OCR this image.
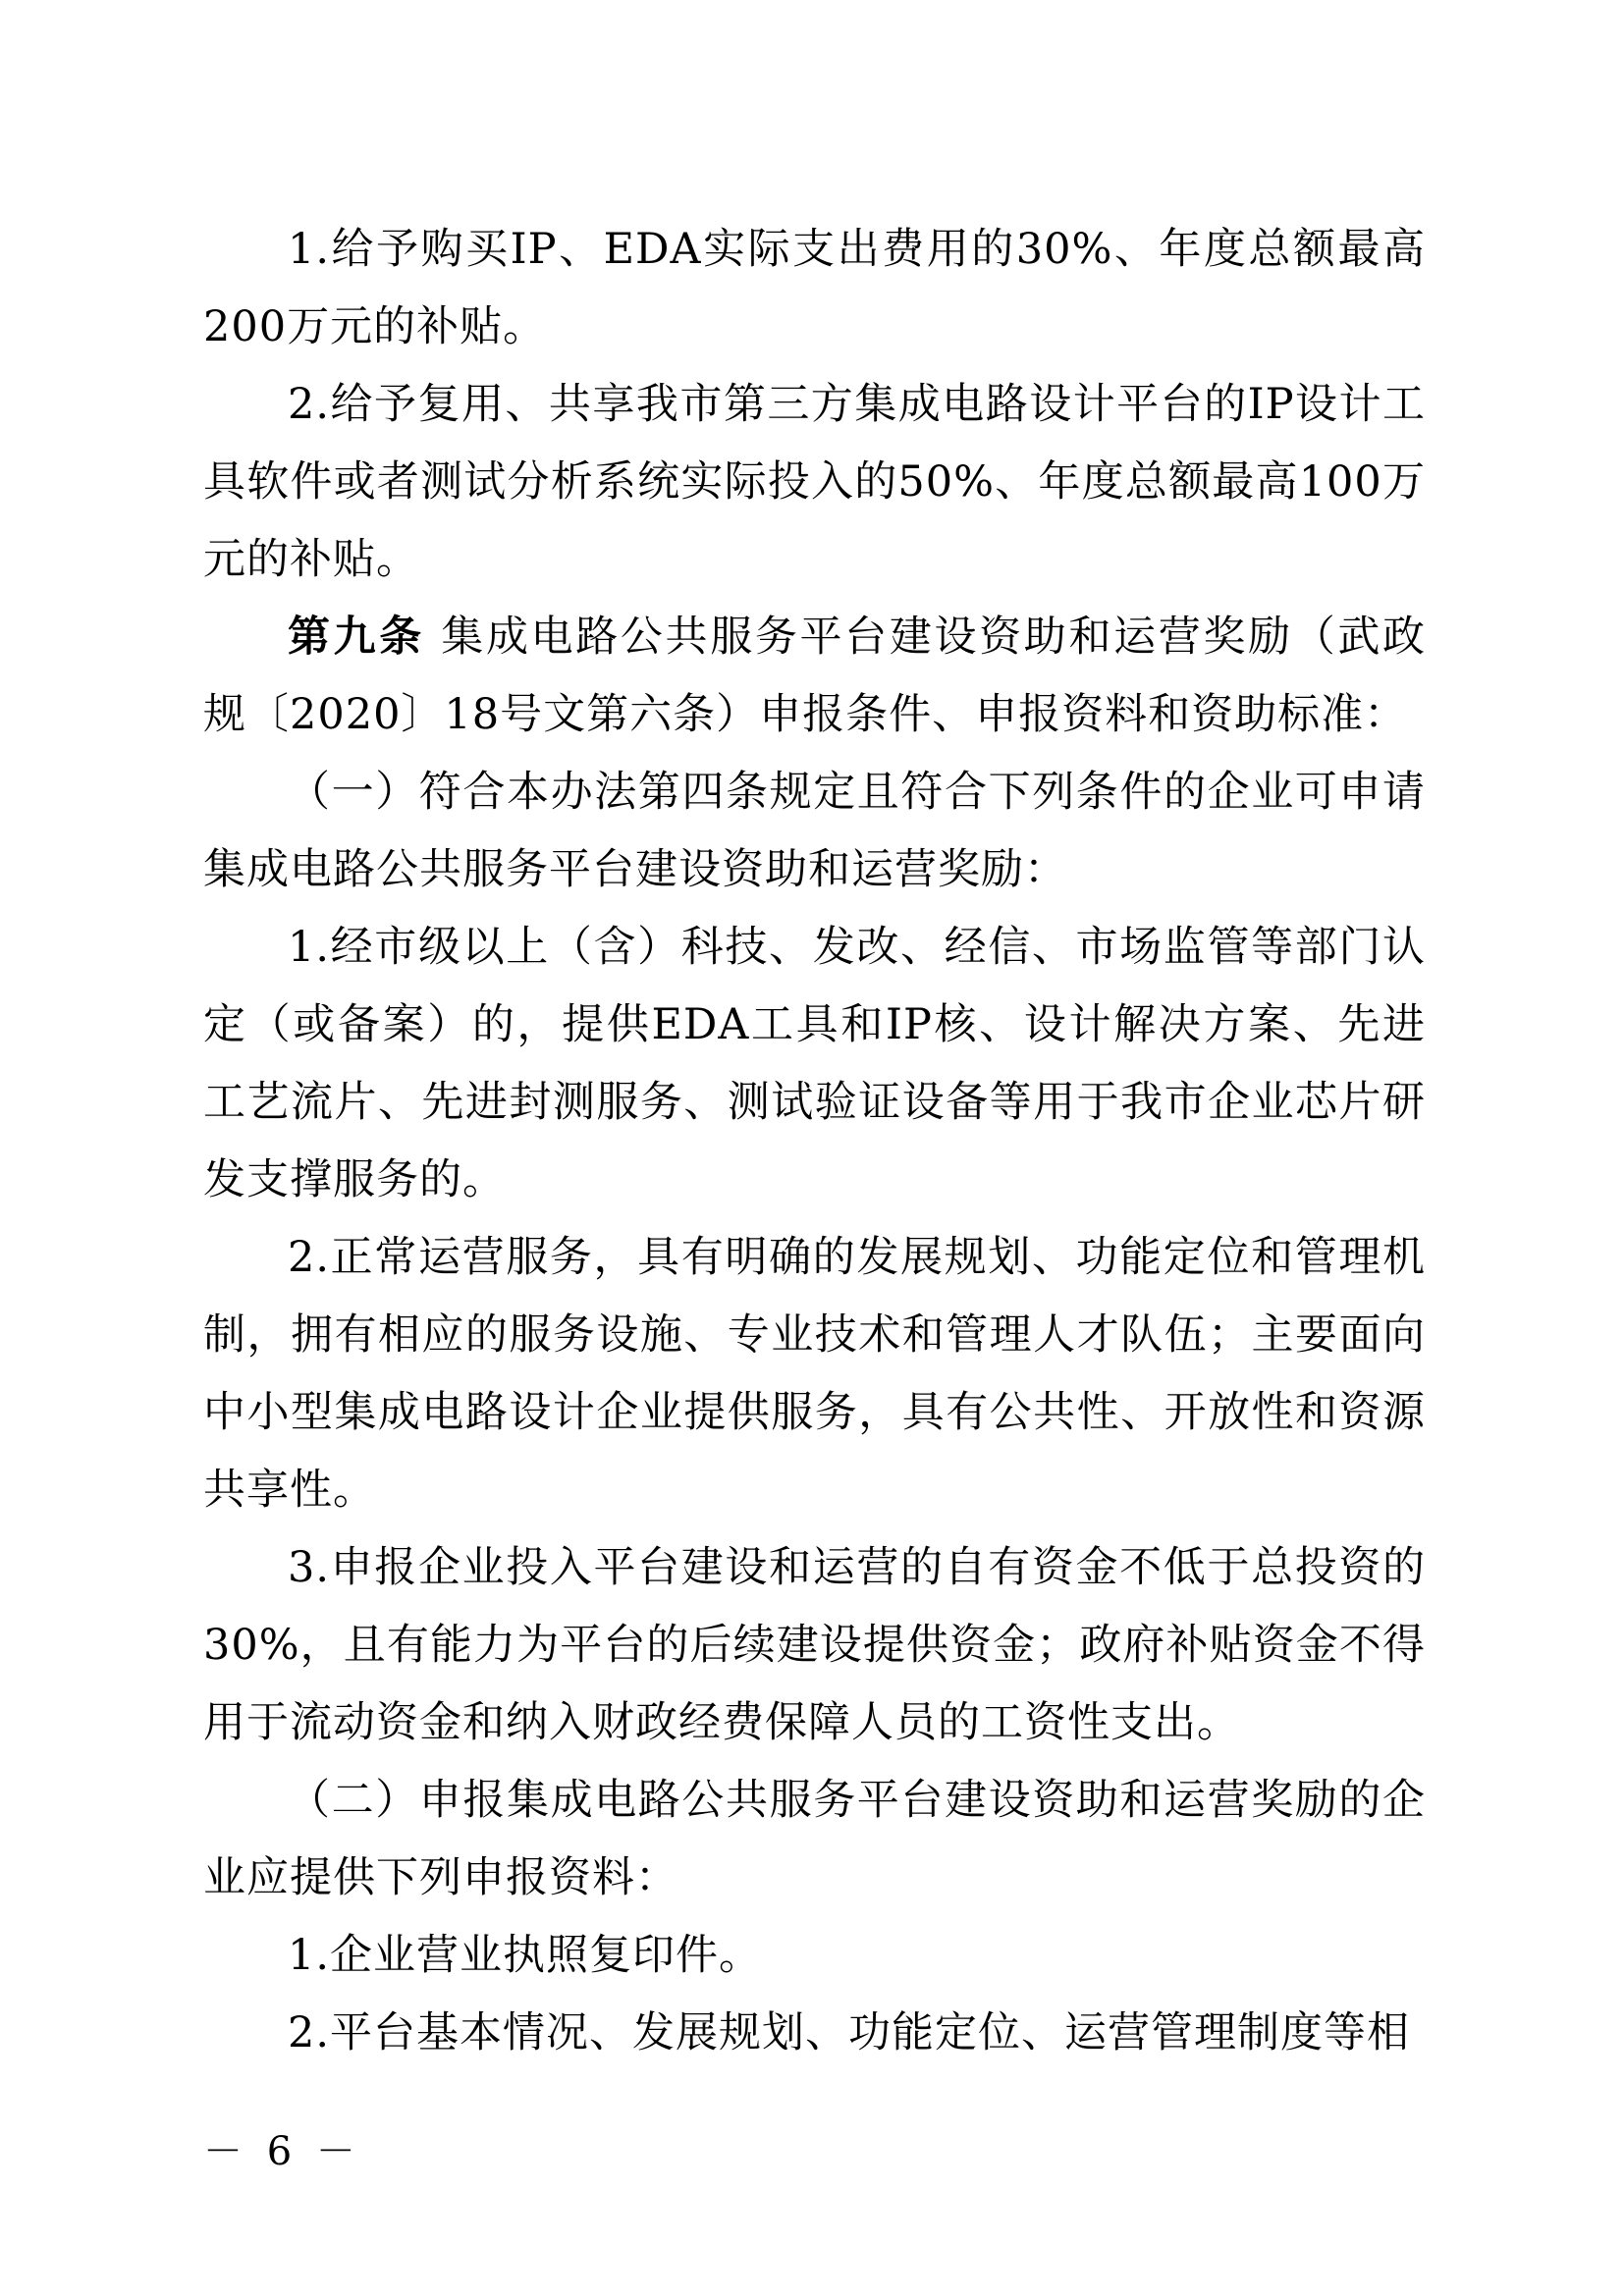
1.给予购买IP、EDA实际支出费用的30%、年度总额最高200万元的补贴。

2.给予复用、共享我市第三方集成电路设计平台的IP设计工具软件或者测试分析系统实际投入的50%、年度总额最高100万元的补贴。

第九条 集成电路公共服务平台建设资助和运营奖励（武政规〔2020〕18号文第六条）申报条件、申报资料和资助标准：

（一）符合本办法第四条规定且符合下列条件的企业可申请集成电路公共服务平台建设资助和运营奖励：

1.经市级以上（含）科技、发改、经信、市场监管等部门认定（或备案）的，提供EDA工具和IP核、设计解决方案、先进工艺流片、先进封测服务、测试验证设备等用于我市企业芯片研发支撑服务的。

2.正常运营服务，具有明确的发展规划、功能定位和管理机制，拥有相应的服务设施、专业技术和管理人才队伍；主要面向中小型集成电路设计企业提供服务，具有公共性、开放性和资源共享性。

3.申报企业投入平台建设和运营的自有资金不低于总投资的30%，且有能力为平台的后续建设提供资金；政府补贴资金不得用于流动资金和纳入财政经费保障人员的工资性支出。

（二）申报集成电路公共服务平台建设资助和运营奖励的企业应提供下列申报资料：

1.企业营业执照复印件。

2.平台基本情况、发展规划、功能定位、运营管理制度等相

－ 6 －
